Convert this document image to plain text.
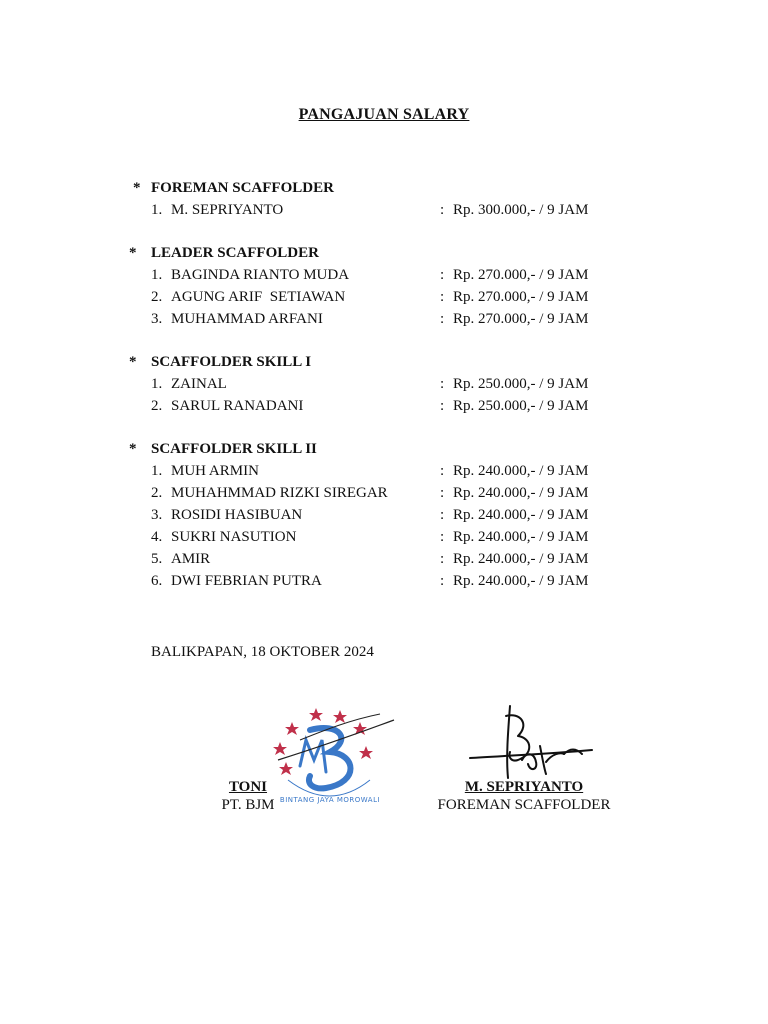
PANGAJUAN SALARY
* FOREMAN SCAFFOLDER
1. M. SEPRIYANTO	: Rp. 300.000,- / 9 JAM
* LEADER SCAFFOLDER
1. BAGINDA RIANTO MUDA	: Rp. 270.000,- / 9 JAM
2. AGUNG ARIF  SETIAWAN	: Rp. 270.000,- / 9 JAM
3. MUHAMMAD ARFANI	: Rp. 270.000,- / 9 JAM
* SCAFFOLDER SKILL I
1. ZAINAL	: Rp. 250.000,- / 9 JAM
2. SARUL RANADANI	: Rp. 250.000,- / 9 JAM
* SCAFFOLDER SKILL II
1. MUH ARMIN	: Rp. 240.000,- / 9 JAM
2. MUHAHMMAD RIZKI SIREGAR	: Rp. 240.000,- / 9 JAM
3. ROSIDI HASIBUAN	: Rp. 240.000,- / 9 JAM
4. SUKRI NASUTION	: Rp. 240.000,- / 9 JAM
5. AMIR	: Rp. 240.000,- / 9 JAM
6. DWI FEBRIAN PUTRA	: Rp. 240.000,- / 9 JAM
BALIKPAPAN, 18 OKTOBER 2024
BINTANG JAYA MOROWALI
TONI
PT. BJM
M. SEPRIYANTO
FOREMAN SCAFFOLDER
